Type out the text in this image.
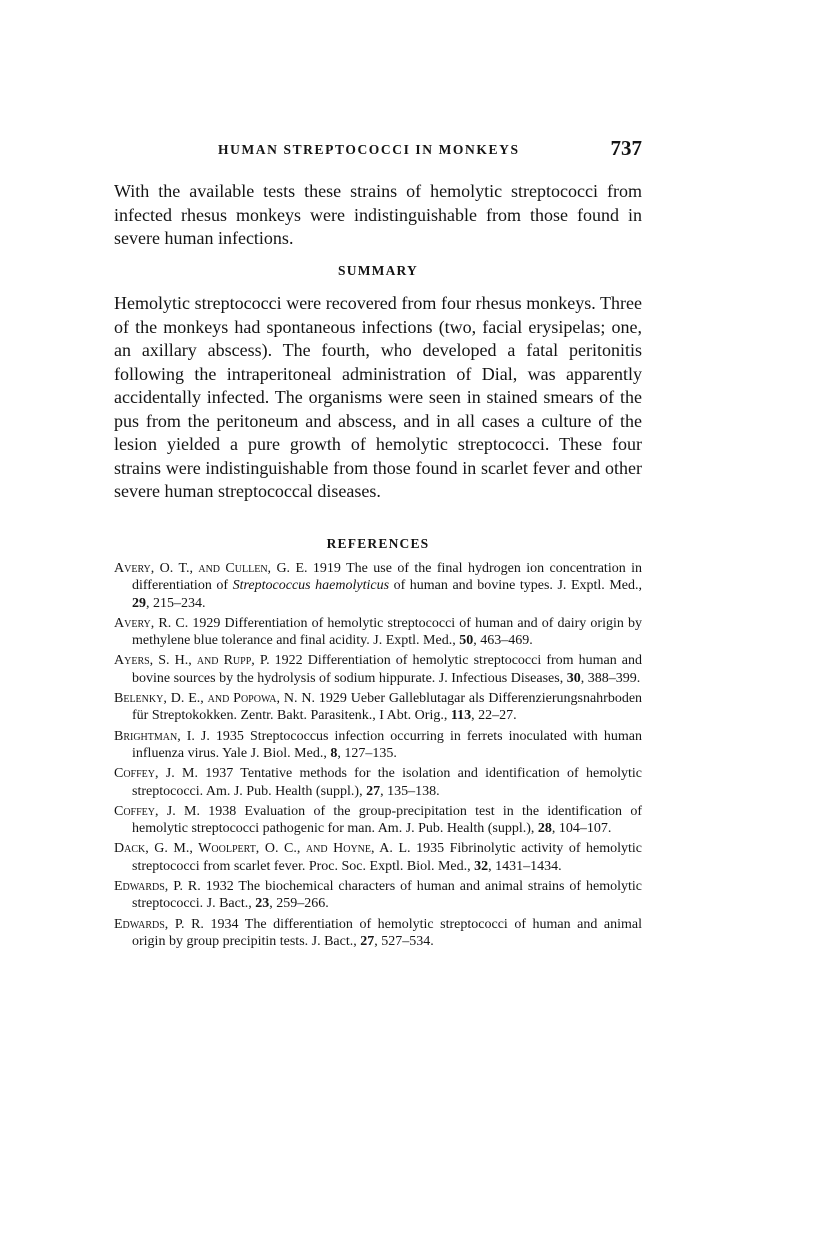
HUMAN STREPTOCOCCI IN MONKEYS	737

With the available tests these strains of hemolytic streptococci from infected rhesus monkeys were indistinguishable from those found in severe human infections.

SUMMARY

Hemolytic streptococci were recovered from four rhesus monkeys. Three of the monkeys had spontaneous infections (two, facial erysipelas; one, an axillary abscess). The fourth, who developed a fatal peritonitis following the intraperitoneal administration of Dial, was apparently accidentally infected. The organisms were seen in stained smears of the pus from the peritoneum and abscess, and in all cases a culture of the lesion yielded a pure growth of hemolytic streptococci. These four strains were indistinguishable from those found in scarlet fever and other severe human streptococcal diseases.

REFERENCES
Avery, O. T., and Cullen, G. E. 1919 The use of the final hydrogen ion concentration in differentiation of Streptococcus haemolyticus of human and bovine types. J. Exptl. Med., 29, 215–234.
Avery, R. C. 1929 Differentiation of hemolytic streptococci of human and of dairy origin by methylene blue tolerance and final acidity. J. Exptl. Med., 50, 463–469.
Ayers, S. H., and Rupp, P. 1922 Differentiation of hemolytic streptococci from human and bovine sources by the hydrolysis of sodium hippurate. J. Infectious Diseases, 30, 388–399.
Belenky, D. E., and Popowa, N. N. 1929 Ueber Galleblutagar als Differenzierungsnahrboden für Streptokokken. Zentr. Bakt. Parasitenk., I Abt. Orig., 113, 22–27.
Brightman, I. J. 1935 Streptococcus infection occurring in ferrets inoculated with human influenza virus. Yale J. Biol. Med., 8, 127–135.
Coffey, J. M. 1937 Tentative methods for the isolation and identification of hemolytic streptococci. Am. J. Pub. Health (suppl.), 27, 135–138.
Coffey, J. M. 1938 Evaluation of the group-precipitation test in the identification of hemolytic streptococci pathogenic for man. Am. J. Pub. Health (suppl.), 28, 104–107.
Dack, G. M., Woolpert, O. C., and Hoyne, A. L. 1935 Fibrinolytic activity of hemolytic streptococci from scarlet fever. Proc. Soc. Exptl. Biol. Med., 32, 1431–1434.
Edwards, P. R. 1932 The biochemical characters of human and animal strains of hemolytic streptococci. J. Bact., 23, 259–266.
Edwards, P. R. 1934 The differentiation of hemolytic streptococci of human and animal origin by group precipitin tests. J. Bact., 27, 527–534.
